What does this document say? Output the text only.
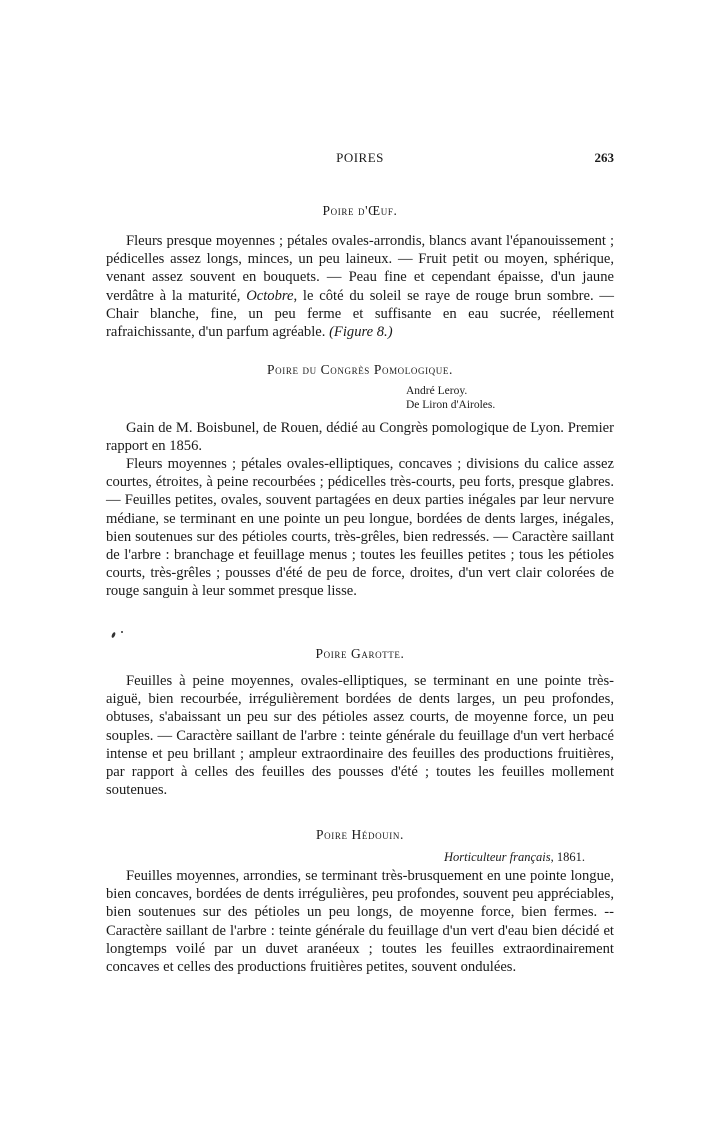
POIRES	263
Poire d'Œuf.

Fleurs presque moyennes ; pétales ovales-arrondis, blancs avant l'épanouissement ; pédicelles assez longs, minces, un peu laineux. — Fruit petit ou moyen, sphérique, venant assez souvent en bouquets. — Peau fine et cependant épaisse, d'un jaune verdâtre à la maturité, Octobre, le côté du soleil se raye de rouge brun sombre. — Chair blanche, fine, un peu ferme et suffisante en eau sucrée, réellement rafraichissante, d'un parfum agréable. (Figure 8.)

Poire du Congrès Pomologique.
André Leroy.
De Liron d'Airoles.

Gain de M. Boisbunel, de Rouen, dédié au Congrès pomologique de Lyon. Premier rapport en 1856.

Fleurs moyennes ; pétales ovales-elliptiques, concaves ; divisions du calice assez courtes, étroites, à peine recourbées ; pédicelles très-courts, peu forts, presque glabres. — Feuilles petites, ovales, souvent partagées en deux parties inégales par leur nervure médiane, se terminant en une pointe un peu longue, bordées de dents larges, inégales, bien soutenues sur des pétioles courts, très-grêles, bien redressés. — Caractère saillant de l'arbre : branchage et feuillage menus ; toutes les feuilles petites ; tous les pétioles courts, très-grêles ; pousses d'été de peu de force, droites, d'un vert clair colorées de rouge sanguin à leur sommet presque lisse.

Poire Garotte.

Feuilles à peine moyennes, ovales-elliptiques, se terminant en une pointe très-aiguë, bien recourbée, irrégulièrement bordées de dents larges, un peu profondes, obtuses, s'abaissant un peu sur des pétioles assez courts, de moyenne force, un peu souples. — Caractère saillant de l'arbre : teinte générale du feuillage d'un vert herbacé intense et peu brillant ; ampleur extraordinaire des feuilles des productions fruitières, par rapport à celles des feuilles des pousses d'été ; toutes les feuilles mollement soutenues.

Poire Hédouin.
Horticulteur français, 1861.

Feuilles moyennes, arrondies, se terminant très-brusquement en une pointe longue, bien concaves, bordées de dents irrégulières, peu profondes, souvent peu appréciables, bien soutenues sur des pétioles un peu longs, de moyenne force, bien fermes. -- Caractère saillant de l'arbre : teinte générale du feuillage d'un vert d'eau bien décidé et longtemps voilé par un duvet aranéeux ; toutes les feuilles extraordinairement concaves et celles des productions fruitières petites, souvent ondulées.
